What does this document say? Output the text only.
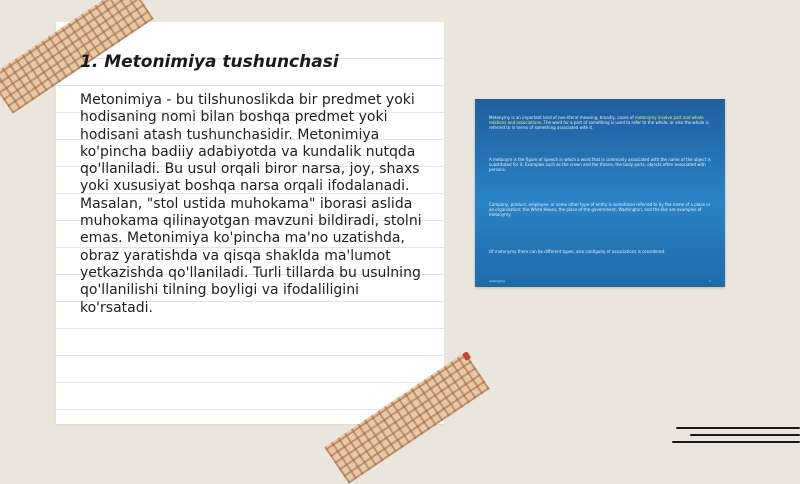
1. Metonimiya tushunchasi

Metonimiya - bu tilshunoslikda bir predmet yoki hodisaning nomi bilan boshqa predmet yoki hodisani atash tushunchasidir. Metonimiya ko'pincha badiiy adabiyotda va kundalik nutqda qo'llaniladi. Bu usul orqali biror narsa, joy, shaxs yoki xususiyat boshqa narsa orqali ifodalanadi. Masalan, "stol ustida muhokama" iborasi aslida muhokama qilinayotgan mavzuni bildiradi, stolni emas. Metonimiya ko'pincha ma'no uzatishda, obraz yaratishda va qisqa shaklda ma'lumot yetkazishda qo'llaniladi. Turli tillarda bu usulning qo'llanilishi tilning boyligi va ifodaliligini ko'rsatadi.

Metonymy is an important kind of non-literal meaning, broadly, cases of metonymy involve part and whole relations and associations. The word for a part of something is used to refer to the whole, or else the whole is referred to in terms of something associated with it.

A metonym is the figure of speech in which a word that is commonly associated with the name of the object is substituted for it. Examples such as the crown and the throne, the body parts, objects often associated with persons.

Company, product, employee, or some other type of entity is sometimes referred to by the name of a place or an organization: the White House, the place of the government, Washington, and the like are examples of metonymy.

Of metonymy there can be different types, also contiguity of associations is considered.

metonymy	1
